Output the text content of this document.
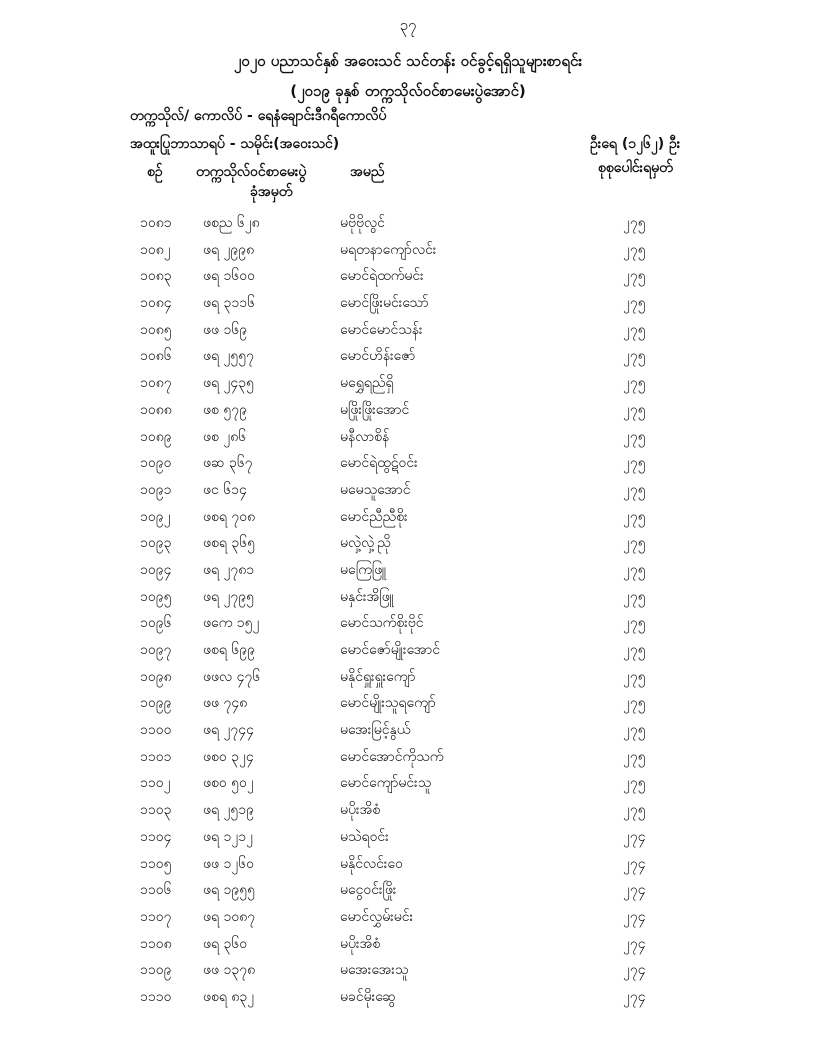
၃၇
၂၀၂၀ ပညာသင်နှစ် အဝေးသင် သင်တန်း ဝင်ခွင့်ရရှိသူများစာရင်း
(၂၀၁၉ ခုနှစ် တက္ကသိုလ်ဝင်စာမေးပွဲအောင်)
တက္ကသိုလ်/ ကောလိပ် - ရေနံချောင်းဒီဂရီကောလိပ်
အထူးပြုဘာသာရပ် - သမိုင်း(အဝေးသင်)	ဦးရေ (၁၂၆၂) ဦး
စဉ် တက္ကသိုလ်ဝင်စာမေးပွဲ
ခုံအမှတ်
အမည်	စုစုပေါင်းရမှတ်
၁၀၈၁ ဖစည ၆၂၈	မဗိုဗိုလွင်	၂၇၅
၁၀၈၂ ဖရ ၂၉၉၈	မရတနာကျော်လင်း	၂၇၅
၁၀၈၃ ဖရ ၁၆၀၀	မောင်ရဲထက်မင်း	၂၇၅
၁၀၈၄ ဖရ ၃၁၁၆	မောင်ဖြိုးမင်းသော်	၂၇၅
၁၀၈၅ ဖဖ ၁၆၉	မောင်မောင်သန်း	၂၇၅
၁၀၈၆ ဖရ ၂၅၅၇	မောင်ဟိန်းဇော်	၂၇၅
၁၀၈၇ ဖရ ၂၄၃၅	မရွှေရည်ရှိ	၂၇၅
၁၀၈၈ ဖစ ၅၇၉	မဖြိုးဖြိုးအောင်	၂၇၅
၁၀၈၉ ဖစ ၂၈၆	မနီလာစိန်	၂၇၅
၁၀၉၀ ဖဆ ၃၆၇	မောင်ရဲထွဋ်ဝင်း	၂၇၅
၁၀၉၁ ဖင ၆၁၄	မမေသူအောင်	၂၇၅
၁၀၉၂ ဖစရ ၇၀၈	မောင်ညီညီစိုး	၂၇၅
၁၀၉၃ ဖစရ ၃၆၅	မလှဲ့လှဲ့ညို	၂၇၅
၁၀၉၄ ဖရ ၂၇၈၁	မကြေဖြူ	၂၇၅
၁၀၉၅ ဖရ ၂၇၉၅	မနှင်းအိဖြူ	၂၇၅
၁၀၉၆ ဖကေ ၁၅၂	မောင်သက်စိုးဗိုင်	၂၇၅
၁၀၉၇ ဖစရ ၆၉၉	မောင်ဇော်မျိုးအောင်	၂၇၅
၁၀၉၈ ဖဖလ ၄၇၆	မနိုင်ရှူးရှူးကျော်	၂၇၅
၁၀၉၉ ဖဖ ၇၄၈	မောင်မျိုးသူရကျော်	၂၇၅
၁၁၀၀ ဖရ ၂၇၄၄	မအေးမြင့်နွယ်	၂၇၅
၁၁၀၁ ဖစဝ ၃၂၄	မောင်အောင်ကိုသက်	၂၇၅
၁၁၀၂ ဖစဝ ၅၀၂	မောင်ကျော်မင်းသူ	၂၇၅
၁၁၀၃ ဖရ ၂၅၁၉	မပိုးအိစံ	၂၇၅
၁၁၀၄ ဖရ ၁၂၁၂	မသဲရဝင်း	၂၇၄
၁၁၀၅ ဖဖ ၁၂၆၀	မနိုင်လင်းဝေ	၂၇၄
၁၁၀၆ ဖရ ၁၉၅၅	မငွေဝင်းဖြိုး	၂၇၄
၁၁၀၇ ဖရ ၁၀၈၇	မောင်လွှမ်းမင်း	၂၇၄
၁၁၀၈ ဖရ ၃၆၀	မပိုးအိစံ	၂၇၄
၁၁၀၉ ဖဖ ၁၃၇၈	မအေးအေးသူ	၂၇၄
၁၁၁၀ ဖစရ ၈၃၂	မခင်မိုးဆွေ	၂၇၄
